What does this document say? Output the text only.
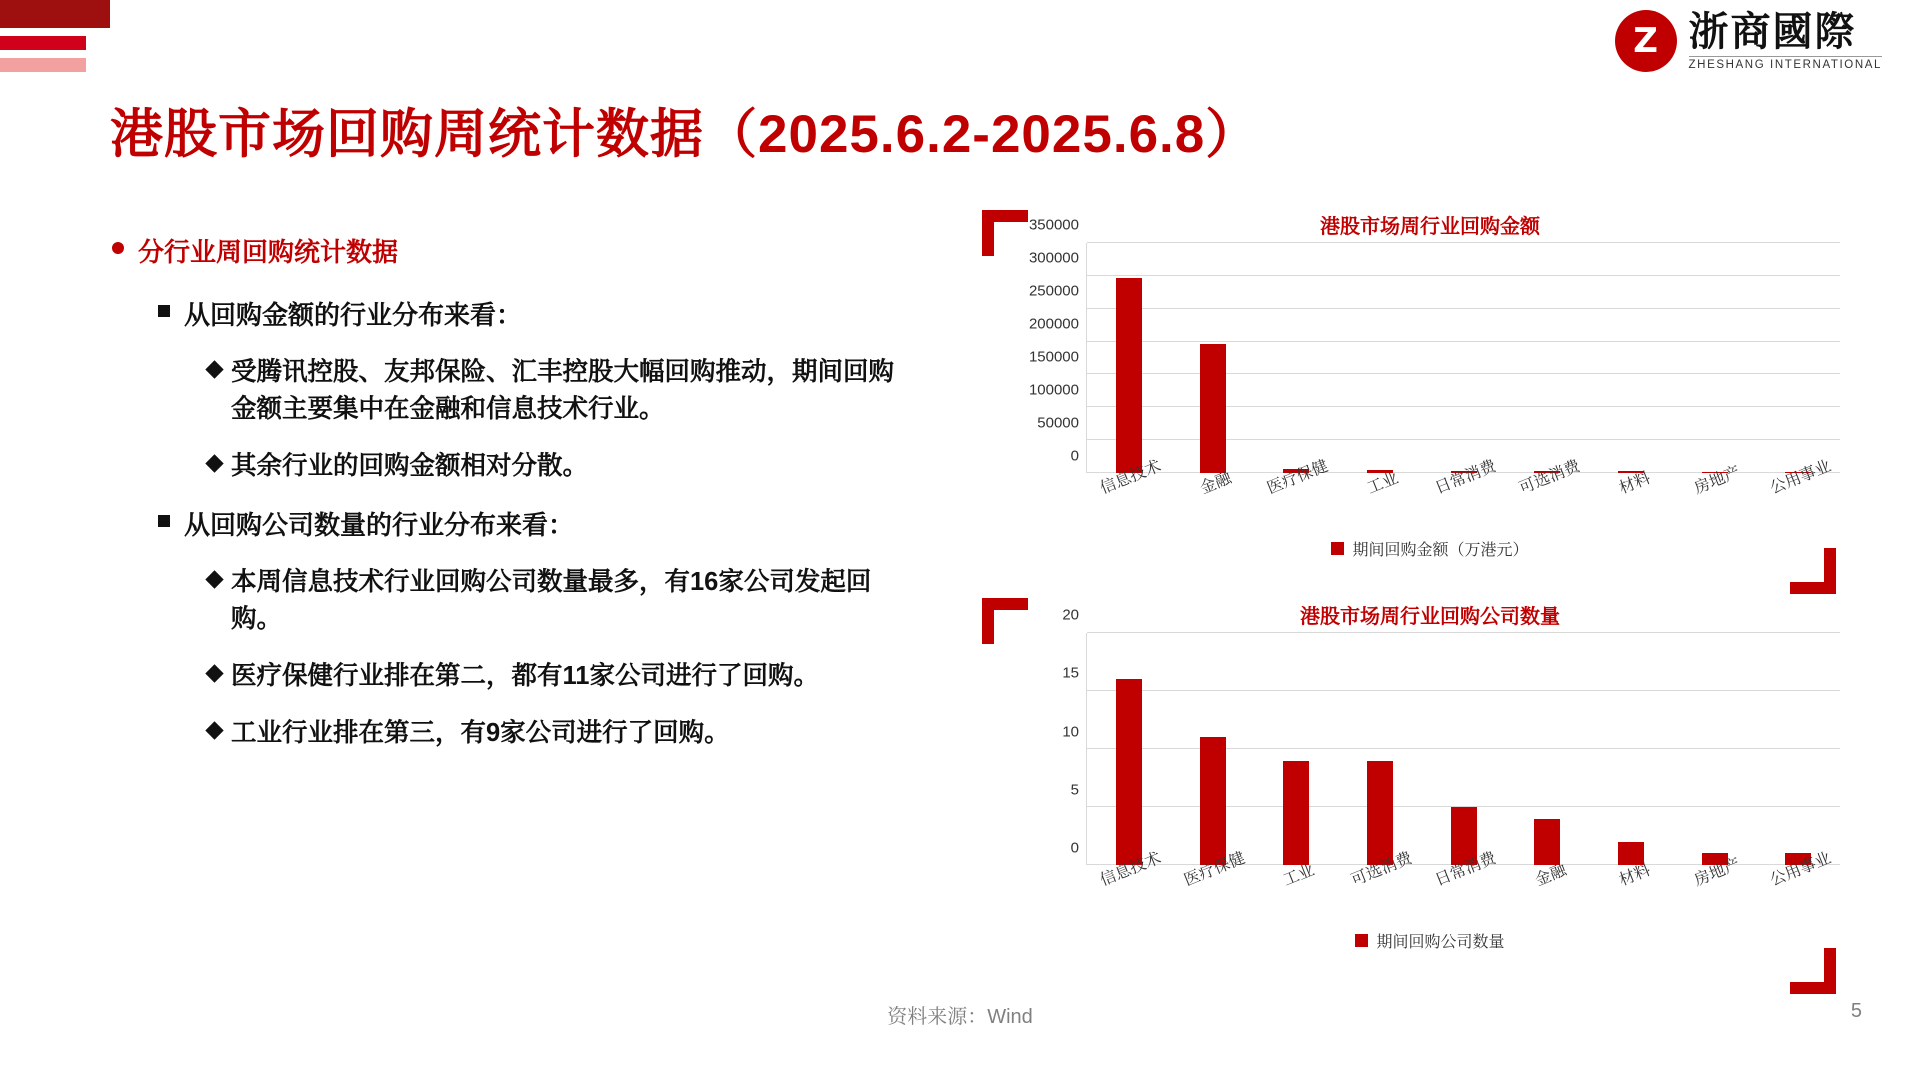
Z 浙商國際
ZHESHANG INTERNATIONAL
港股市场回购周统计数据（2025.6.2-2025.6.8）
分行业周回购统计数据
从回购金额的行业分布来看：
受腾讯控股、友邦保险、汇丰控股大幅回购推动，期间回购金额主要集中在金融和信息技术行业。
其余行业的回购金额相对分散。
从回购公司数量的行业分布来看：
本周信息技术行业回购公司数量最多，有16家公司发起回购。
医疗保健行业排在第二，都有11家公司进行了回购。
工业行业排在第三，有9家公司进行了回购。
港股市场周行业回购金额
0
50000
100000
150000
200000
250000
300000
350000
信息技术	金融	医疗保健	工业	日常消费	可选消费	材料	房地产	公用事业
期间回购金额（万港元）
港股市场周行业回购公司数量
0
5
10
15
20
信息技术	医疗保健	工业	可选消费	日常消费	金融	材料	房地产	公用事业
期间回购公司数量
资料来源：Wind	5
